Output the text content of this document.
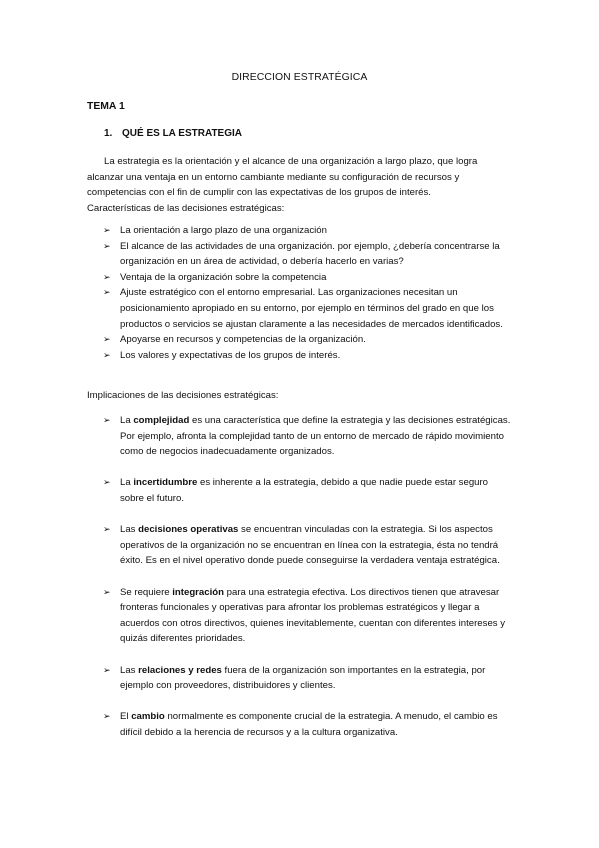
DIRECCION ESTRATÉGICA
TEMA 1
1. QUÉ ES LA ESTRATEGIA

La estrategia es la orientación y el alcance de una organización a largo plazo, que logra alcanzar una ventaja en un entorno cambiante mediante su configuración de recursos y competencias con el fin de cumplir con las expectativas de los grupos de interés.

Características de las decisiones estratégicas:

➢ La orientación a largo plazo de una organización
➢ El alcance de las actividades de una organización. por ejemplo, ¿debería concentrarse la organización en un área de actividad, o debería hacerlo en varias?
➢ Ventaja de la organización sobre la competencia
➢ Ajuste estratégico con el entorno empresarial. Las organizaciones necesitan un posicionamiento apropiado en su entorno, por ejemplo en términos del grado en que los productos o servicios se ajustan claramente a las necesidades de mercados identificados.
➢ Apoyarse en recursos y competencias de la organización.
➢ Los valores y expectativas de los grupos de interés.
Implicaciones de las decisiones estratégicas:
➢ La complejidad es una característica que define la estrategia y las decisiones estratégicas. Por ejemplo, afronta la complejidad tanto de un entorno de mercado de rápido movimiento como de negocios inadecuadamente organizados.
➢ La incertidumbre es inherente a la estrategia, debido a que nadie puede estar seguro sobre el futuro.
➢ Las decisiones operativas se encuentran vinculadas con la estrategia. Si los aspectos operativos de la organización no se encuentran en línea con la estrategia, ésta no tendrá éxito. Es en el nivel operativo donde puede conseguirse la verdadera ventaja estratégica.
➢ Se requiere integración para una estrategia efectiva. Los directivos tienen que atravesar fronteras funcionales y operativas para afrontar los problemas estratégicos y llegar a acuerdos con otros directivos, quienes inevitablemente, cuentan con diferentes intereses y quizás diferentes prioridades.
➢ Las relaciones y redes fuera de la organización son importantes en la estrategia, por ejemplo con proveedores, distribuidores y clientes.
➢ El cambio normalmente es componente crucial de la estrategia. A menudo, el cambio es difícil debido a la herencia de recursos y a la cultura organizativa.
